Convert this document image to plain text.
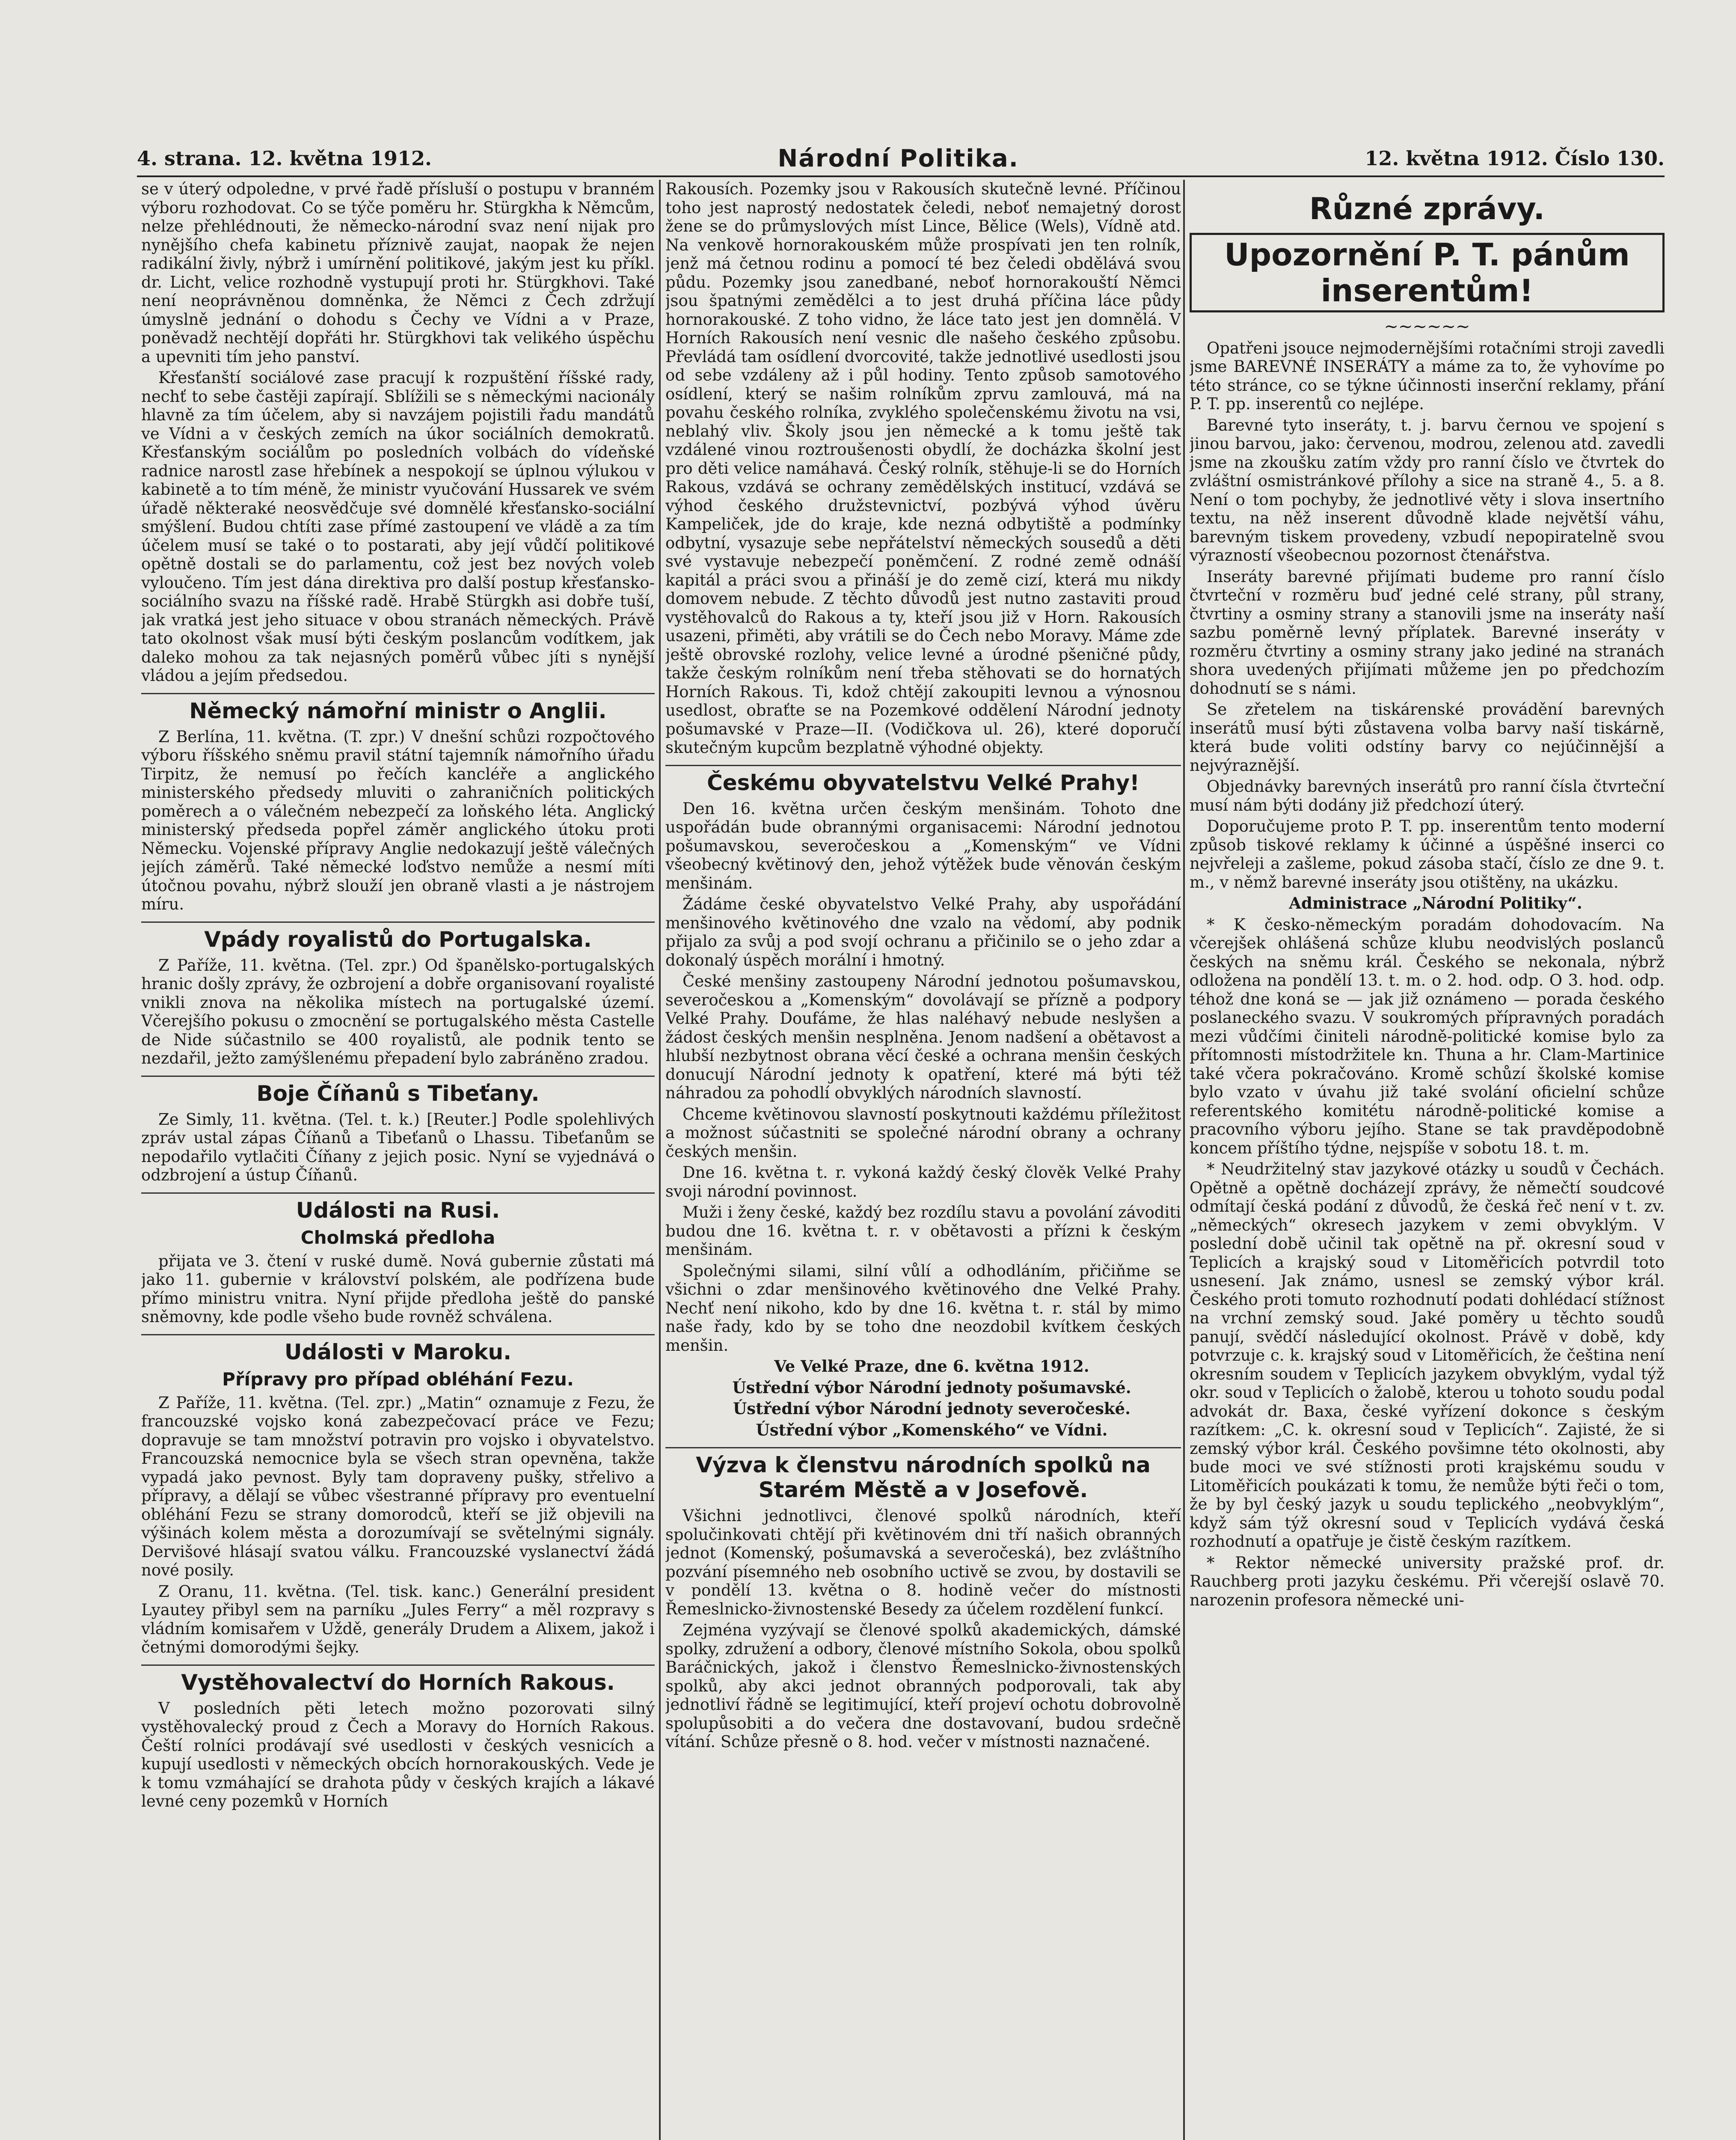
4. strana. 12. května 1912.	Národní Politika.	12. května 1912. Číslo 130.

se v úterý odpoledne, v prvé řadě přísluší o postupu v branném výboru rozhodovat. Co se týče poměru hr. Stürgkha k Němcům, nelze přehlédnouti, že německo-národní svaz není nijak pro nynějšího chefa kabinetu příznivě zaujat, naopak že nejen radikální živly, nýbrž i umírnění politikové, jakým jest ku příkl. dr. Licht, velice rozhodně vystupují proti hr. Stürgkhovi. Také není neoprávněnou domněnka, že Němci z Čech zdržují úmyslně jednání o dohodu s Čechy ve Vídni a v Praze, poněvadž nechtějí dopřáti hr. Stürgkhovi tak velikého úspěchu a upevniti tím jeho panství.

Křesťanští sociálové zase pracují k rozpuštění říšské rady, nechť to sebe častěji zapírají. Sblížili se s německými nacionály hlavně za tím účelem, aby si navzájem pojistili řadu mandátů ve Vídni a v českých zemích na úkor sociálních demokratů. Křesťanským sociálům po posledních volbách do vídeňské radnice narostl zase hřebínek a nespokojí se úplnou výlukou v kabinetě a to tím méně, že ministr vyučování Hussarek ve svém úřadě některaké neosvědčuje své domnělé křesťansko-sociální smýšlení. Budou chtíti zase přímé zastoupení ve vládě a za tím účelem musí se také o to postarati, aby její vůdčí politikové opětně dostali se do parlamentu, což jest bez nových voleb vyloučeno. Tím jest dána direktiva pro další postup křesťansko-sociálního svazu na říšské radě. Hrabě Stürgkh asi dobře tuší, jak vratká jest jeho situace v obou stranách německých. Právě tato okolnost však musí býti českým poslancům vodítkem, jak daleko mohou za tak nejasných poměrů vůbec jíti s nynější vládou a jejím předsedou.

Německý námořní ministr o Anglii.

Z Berlína, 11. května. (T. zpr.) V dnešní schůzi rozpočtového výboru říšského sněmu pravil státní tajemník námořního úřadu Tirpitz, že nemusí po řečích kancléře a anglického ministerského předsedy mluviti o zahraničních politických poměrech a o válečném nebezpečí za loňského léta. Anglický ministerský předseda popřel záměr anglického útoku proti Německu. Vojenské přípravy Anglie nedokazují ještě válečných jejích záměrů. Také německé loďstvo nemůže a nesmí míti útočnou povahu, nýbrž slouží jen obraně vlasti a je nástrojem míru.

Vpády royalistů do Portugalska.

Z Paříže, 11. května. (Tel. zpr.) Od španělsko-portugalských hranic došly zprávy, že ozbrojení a dobře organisovaní royalisté vnikli znova na několika místech na portugalské území. Včerejšího pokusu o zmocnění se portugalského města Castelle de Nide súčastnilo se 400 royalistů, ale podnik tento se nezdařil, ježto zamýšlenému přepadení bylo zabráněno zradou.

Boje Číňanů s Tibeťany.

Ze Simly, 11. května. (Tel. t. k.) [Reuter.] Podle spolehlivých zpráv ustal zápas Číňanů a Tibeťanů o Lhassu. Tibeťanům se nepodařilo vytlačiti Číňany z jejich posic. Nyní se vyjednává o odzbrojení a ústup Číňanů.

Události na Rusi.
Cholmská předloha

přijata ve 3. čtení v ruské dumě. Nová gubernie zůstati má jako 11. gubernie v království polském, ale podřízena bude přímo ministru vnitra. Nyní přijde předloha ještě do panské sněmovny, kde podle všeho bude rovněž schválena.

Události v Maroku.
Přípravy pro případ obléhání Fezu.

Z Paříže, 11. května. (Tel. zpr.) „Matin“ oznamuje z Fezu, že francouzské vojsko koná zabezpečovací práce ve Fezu; dopravuje se tam množství potravin pro vojsko i obyvatelstvo. Francouzská nemocnice byla se všech stran opevněna, takže vypadá jako pevnost. Byly tam dopraveny pušky, střelivo a přípravy, a dělají se vůbec všestranné přípravy pro eventuelní obléhání Fezu se strany domorodců, kteří se již objevili na výšinách kolem města a dorozumívají se světelnými signály. Dervišové hlásají svatou válku. Francouzské vyslanectví žádá nové posily.

Z Oranu, 11. května. (Tel. tisk. kanc.) Generální president Lyautey přibyl sem na parníku „Jules Ferry“ a měl rozpravy s vládním komisařem v Uždě, generály Drudem a Alixem, jakož i četnými domorodými šejky.

Vystěhovalectví do Horních Rakous.

V posledních pěti letech možno pozorovati silný vystěhovalecký proud z Čech a Moravy do Horních Rakous. Čeští rolníci prodávají své usedlosti v českých vesnicích a kupují usedlosti v německých obcích hornorakouských. Vede je k tomu vzmáhající se drahota půdy v českých krajích a lákavé levné ceny pozemků v Horních

Rakousích. Pozemky jsou v Rakousích skutečně levné. Příčinou toho jest naprostý nedostatek čeledi, neboť nemajetný dorost žene se do průmyslových míst Lince, Bělice (Wels), Vídně atd. Na venkově hornorakouském může prospívati jen ten rolník, jenž má četnou rodinu a pomocí té bez čeledi obdělává svou půdu. Pozemky jsou zanedbané, neboť hornorakouští Němci jsou špatnými zemědělci a to jest druhá příčina láce půdy hornorakouské. Z toho vidno, že láce tato jest jen domnělá. V Horních Rakousích není vesnic dle našeho českého způsobu. Převládá tam osídlení dvorcovité, takže jednotlivé usedlosti jsou od sebe vzdáleny až i půl hodiny. Tento způsob samotového osídlení, který se našim rolníkům zprvu zamlouvá, má na povahu českého rolníka, zvyklého společenskému životu na vsi, neblahý vliv. Školy jsou jen německé a k tomu ještě tak vzdálené vinou roztroušenosti obydlí, že docházka školní jest pro děti velice namáhavá. Český rolník, stěhuje-li se do Horních Rakous, vzdává se ochrany zemědělských institucí, vzdává se výhod českého družstevnictví, pozbývá výhod úvěru Kampeliček, jde do kraje, kde nezná odbytiště a podmínky odbytní, vysazuje sebe nepřátelství německých sousedů a děti své vystavuje nebezpečí poněmčení. Z rodné země odnáší kapitál a práci svou a přináší je do země cizí, která mu nikdy domovem nebude. Z těchto důvodů jest nutno zastaviti proud vystěhovalců do Rakous a ty, kteří jsou již v Horn. Rakousích usazeni, přiměti, aby vrátili se do Čech nebo Moravy. Máme zde ještě obrovské rozlohy, velice levné a úrodné pšeničné půdy, takže českým rolníkům není třeba stěhovati se do hornatých Horních Rakous. Ti, kdož chtějí zakoupiti levnou a výnosnou usedlost, obraťte se na Pozemkové oddělení Národní jednoty pošumavské v Praze—II. (Vodičkova ul. 26), které doporučí skutečným kupcům bezplatně výhodné objekty.

Českému obyvatelstvu Velké Prahy!

Den 16. května určen českým menšinám. Tohoto dne uspořádán bude obrannými organisacemi: Národní jednotou pošumavskou, severočeskou a „Komenským“ ve Vídni všeobecný květinový den, jehož výtěžek bude věnován českým menšinám.

Žádáme české obyvatelstvo Velké Prahy, aby uspořádání menšinového květinového dne vzalo na vědomí, aby podnik přijalo za svůj a pod svojí ochranu a přičinilo se o jeho zdar a dokonalý úspěch morální i hmotný.

České menšiny zastoupeny Národní jednotou pošumavskou, severočeskou a „Komenským“ dovolávají se přízně a podpory Velké Prahy. Doufáme, že hlas naléhavý nebude neslyšen a žádost českých menšin nesplněna. Jenom nadšení a obětavost a hlubší nezbytnost obrana věcí české a ochrana menšin českých donucují Národní jednoty k opatření, které má býti též náhradou za pohodlí obvyklých národních slavností.

Chceme květinovou slavností poskytnouti každému příležitost a možnost súčastniti se společné národní obrany a ochrany českých menšin.

Dne 16. května t. r. vykoná každý český člověk Velké Prahy svoji národní povinnost.

Muži i ženy české, každý bez rozdílu stavu a povolání závoditi budou dne 16. května t. r. v obětavosti a přízni k českým menšinám.

Společnými silami, silní vůlí a odhodláním, přičiňme se všichni o zdar menšinového květinového dne Velké Prahy. Nechť není nikoho, kdo by dne 16. května t. r. stál by mimo naše řady, kdo by se toho dne neozdobil kvítkem českých menšin.

Ve Velké Praze, dne 6. května 1912.

Ústřední výbor Národní jednoty pošumavské.

Ústřední výbor Národní jednoty severočeské.

Ústřední výbor „Komenského“ ve Vídni.

Výzva k členstvu národních spolků na Starém Městě a v Josefově.

Všichni jednotlivci, členové spolků národních, kteří spolučinkovati chtějí při květinovém dni tří našich obranných jednot (Komenský, pošumavská a severočeská), bez zvláštního pozvání písemného neb osobního uctivě se zvou, by dostavili se v pondělí 13. května o 8. hodině večer do místnosti Řemeslnicko-živnostenské Besedy za účelem rozdělení funkcí.

Zejména vyzývají se členové spolků akademických, dámské spolky, združení a odbory, členové místního Sokola, obou spolků Baráčnických, jakož i členstvo Řemeslnicko-živnostenských spolků, aby akci jednot obranných podporovali, tak aby jednotliví řádně se legitimující, kteří projeví ochotu dobrovolně spolupůsobiti a do večera dne dostavovaní, budou srdečně vítání. Schůze přesně o 8. hod. večer v místnosti naznačené.

Různé zprávy.
Upozornění P. T. pánům inserentům!
~~~~~~

Opatřeni jsouce nejmodernějšími rotačními stroji zavedli jsme BAREVNÉ INSERÁTY a máme za to, že vyhovíme po této stránce, co se týkne účinnosti inserční reklamy, přání P. T. pp. inserentů co nejlépe.

Barevné tyto inseráty, t. j. barvu černou ve spojení s jinou barvou, jako: červenou, modrou, zelenou atd. zavedli jsme na zkoušku zatím vždy pro ranní číslo ve čtvrtek do zvláštní osmistránkové přílohy a sice na straně 4., 5. a 8. Není o tom pochyby, že jednotlivé věty i slova insertního textu, na něž inserent důvodně klade největší váhu, barevným tiskem provedeny, vzbudí nepopiratelně svou výrazností všeobecnou pozornost čtenářstva.

Inseráty barevné přijímati budeme pro ranní číslo čtvrteční v rozměru buď jedné celé strany, půl strany, čtvrtiny a osminy strany a stanovili jsme na inseráty naší sazbu poměrně levný příplatek. Barevné inseráty v rozměru čtvrtiny a osminy strany jako jediné na stranách shora uvedených přijímati můžeme jen po předchozím dohodnutí se s námi.

Se zřetelem na tiskárenské provádění barevných inserátů musí býti zůstavena volba barvy naší tiskárně, která bude voliti odstíny barvy co nejúčinnější a nejvýraznější.

Objednávky barevných inserátů pro ranní čísla čtvrteční musí nám býti dodány již předchozí úterý.

Doporučujeme proto P. T. pp. inserentům tento moderní způsob tiskové reklamy k účinné a úspěšné inserci co nejvřeleji a zašleme, pokud zásoba stačí, číslo ze dne 9. t. m., v němž barevné inseráty jsou otištěny, na ukázku.

Administrace „Národní Politiky“.

* K česko-německým poradám dohodovacím. Na včerejšek ohlášená schůze klubu neodvislých poslanců českých na sněmu král. Českého se nekonala, nýbrž odložena na pondělí 13. t. m. o 2. hod. odp. O 3. hod. odp. téhož dne koná se — jak již oznámeno — porada českého poslaneckého svazu. V soukromých přípravných poradách mezi vůdčími činiteli národně-politické komise bylo za přítomnosti místodržitele kn. Thuna a hr. Clam-Martinice také včera pokračováno. Kromě schůzí školské komise bylo vzato v úvahu již také svolání oficielní schůze referentského komitétu národně-politické komise a pracovního výboru jejího. Stane se tak pravděpodobně koncem příštího týdne, nejspíše v sobotu 18. t. m.

* Neudržitelný stav jazykové otázky u soudů v Čechách. Opětně a opětně docházejí zprávy, že němečtí soudcové odmítají česká podání z důvodů, že česká řeč není v t. zv. „německých“ okresech jazykem v zemi obvyklým. V poslední době učinil tak opětně na př. okresní soud v Teplicích a krajský soud v Litoměřicích potvrdil toto usnesení. Jak známo, usnesl se zemský výbor král. Českého proti tomuto rozhodnutí podati dohlédací stížnost na vrchní zemský soud. Jaké poměry u těchto soudů panují, svědčí následující okolnost. Právě v době, kdy potvrzuje c. k. krajský soud v Litoměřicích, že čeština není okresním soudem v Teplicích jazykem obvyklým, vydal týž okr. soud v Teplicích o žalobě, kterou u tohoto soudu podal advokát dr. Baxa, české vyřízení dokonce s českým razítkem: „C. k. okresní soud v Teplicích“. Zajisté, že si zemský výbor král. Českého povšimne této okolnosti, aby bude moci ve své stížnosti proti krajskému soudu v Litoměřicích poukázati k tomu, že nemůže býti řeči o tom, že by byl český jazyk u soudu teplického „neobvyklým“, když sám týž okresní soud v Teplicích vydává česká rozhodnutí a opatřuje je čistě českým razítkem.

* Rektor německé university pražské prof. dr. Rauchberg proti jazyku českému. Při včerejší oslavě 70. narozenin profesora německé uni-
